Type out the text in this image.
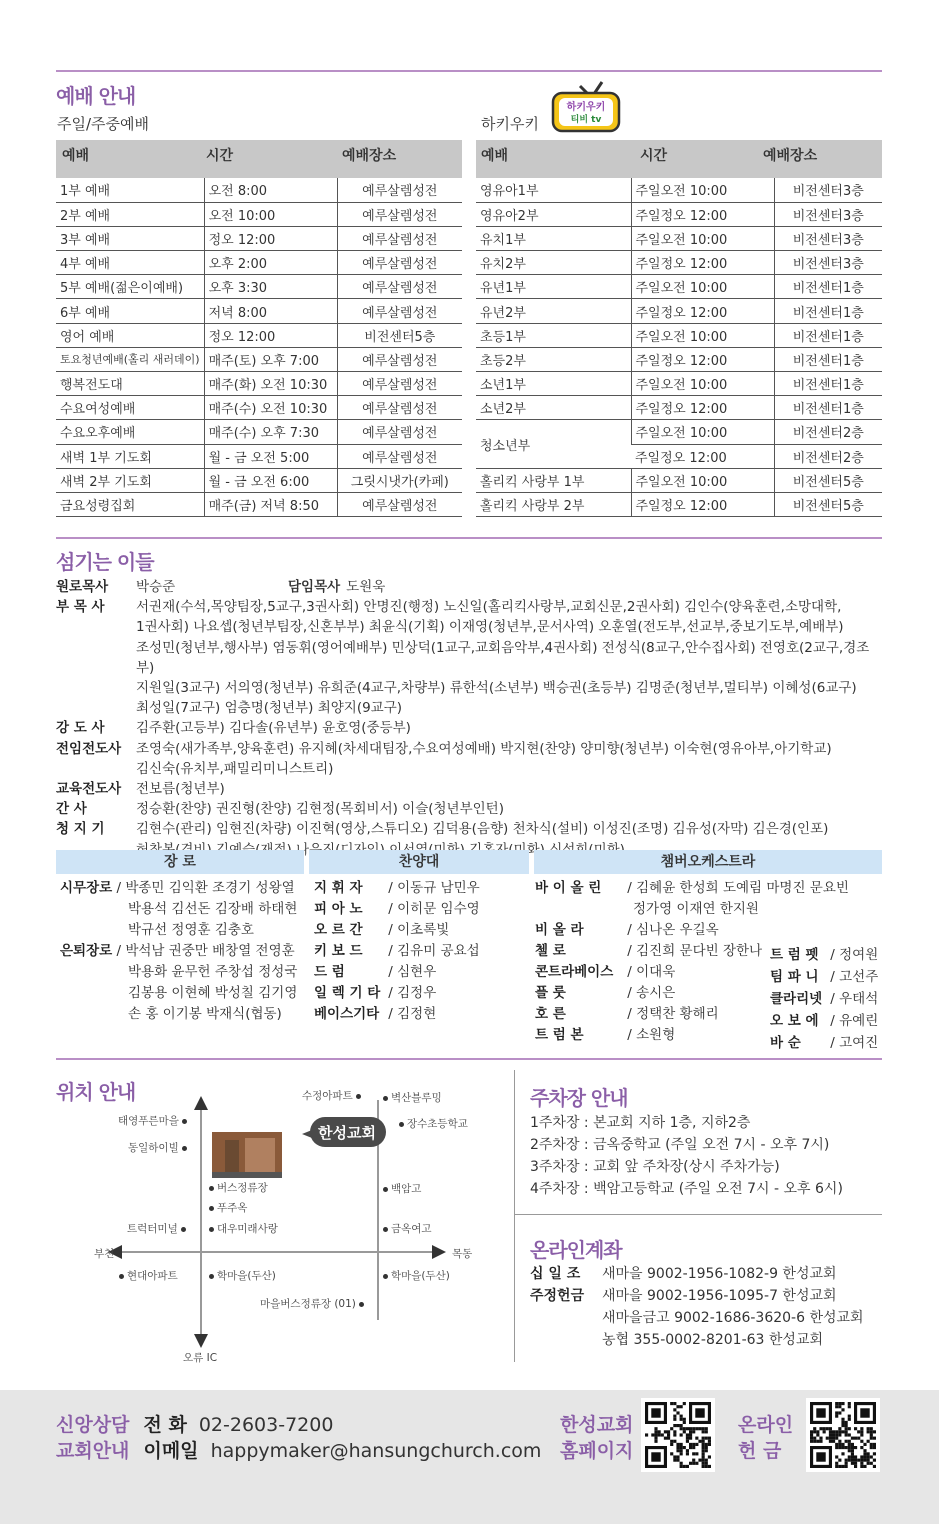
예배 안내
주일/주중예배	하키우키
하키우키
티비 tv
예배	시간	예배장소	예배	시간	예배장소
1부 예배	오전 8:00	예루살렘성전
2부 예배	오전 10:00	예루살렘성전
3부 예배	정오 12:00	예루살렘성전
4부 예배	오후 2:00	예루살렘성전
5부 예배(젊은이예배)	오후 3:30	예루살렘성전
6부 예배	저녁 8:00	예루살렘성전
영어 예배	정오 12:00	비전센터5층
토요청년예배(홀리 새러데이)	매주(토) 오후 7:00	예루살렘성전
행복전도대	매주(화) 오전 10:30	예루살렘성전
수요여성예배	매주(수) 오전 10:30	예루살렘성전
수요오후예배	매주(수) 오후 7:30	예루살렘성전
새벽 1부 기도회	월 - 금 오전 5:00	예루살렘성전
새벽 2부 기도회	월 - 금 오전 6:00	그릿시냇가(카페)
금요성령집회	매주(금) 저녁 8:50	예루살렘성전
영유아1부	주일오전 10:00	비전센터3층
영유아2부	주일정오 12:00	비전센터3층
유치1부	주일오전 10:00	비전센터3층
유치2부	주일정오 12:00	비전센터3층
유년1부	주일오전 10:00	비전센터1층
유년2부	주일정오 12:00	비전센터1층
초등1부	주일오전 10:00	비전센터1층
초등2부	주일정오 12:00	비전센터1층
소년1부	주일오전 10:00	비전센터1층
소년2부	주일정오 12:00	비전센터1층
청소년부	주일오전 10:00	비전센터2층
	주일정오 12:00	비전센터2층
홀리킥 사랑부 1부	주일오전 10:00	비전센터5층
홀리킥 사랑부 2부	주일정오 12:00	비전센터5층
섬기는 이들
원로목사	박승준	담임목사 도원욱
부 목 사	서권재(수석,목양팀장,5교구,3권사회) 안명진(행정) 노신일(홀리킥사랑부,교회신문,2권사회) 김인수(양육훈련,소망대학,
1권사회) 나요셉(청년부팀장,신혼부부) 최윤식(기획) 이재영(청년부,문서사역) 오훈열(전도부,선교부,중보기도부,예배부)
조성민(청년부,행사부) 염동휘(영어예배부) 민상덕(1교구,교회음악부,4권사회) 전성식(8교구,안수집사회) 전영호(2교구,경조부)
지원일(3교구) 서의영(청년부) 유희준(4교구,차량부) 류한석(소년부) 백승권(초등부) 김명준(청년부,멀티부) 이혜성(6교구)
최성일(7교구) 엄층명(청년부) 최양지(9교구)
강 도 사	김주환(고등부) 김다솔(유년부) 윤호영(중등부)
전임전도사	조영숙(새가족부,양육훈련) 유지혜(차세대팀장,수요여성예배) 박지현(찬양) 양미향(청년부) 이숙현(영유아부,아기학교)
김신숙(유치부,패밀리미니스트리)
교육전도사	전보름(청년부)
간 사	정승환(찬양) 권진형(찬양) 김현정(목회비서) 이슬(청년부인턴)
청 지 기	김현수(관리) 임현진(차량) 이진혁(영상,스튜디오) 김덕용(음향) 천차식(설비) 이성진(조명) 김유성(자막) 김은경(인포)
장 로	찬양대	챔버오케스트라
시무장로 / 박종민 김익환 조경기 성왕열
박용석 김선돈 김장배 하태현
박규선 정영훈 김충호
은퇴장로 / 박석남 권중만 배창열 전영훈
박용화 윤무헌 주창섭 정성국
김봉용 이현혜 박성칠 김기영
손 홍 이기봉 박재식(협동)
지 휘 자 / 이동규 남민우
피 아 노 / 이히문 임수영
오 르 간 / 이초록빛
키 보 드 / 김유미 공요섭
드 럼	/ 심현우
일 렉 기 타 / 김정우
베이스기타 / 김정현
바 이 올 린 / 김혜윤 한성희 도예림 마명진 문요빈
정가영 이재연 한지원
비 올 라	/ 심나온 우길옥
첼 로	/ 김진희 문다빈 장한나
콘트라베이스 / 이대욱
플 룻	/ 송시은
호 른	/ 정택찬 황해리
트 럼 본	/ 소원형
트 럼 펫 / 정여원
팀 파 니 / 고선주
클라리넷 / 우태석
오 보 에 / 유예린
바 순 / 고여진
위치 안내
한성교회
수정아파트	벽산블루밍
태영푸른마을	장수초등학교
동일하이빌
버스정류장
푸주옥
백암고
트럭터미널	대우미래사랑	금옥여고
부천	목동
현대아파트	학마을(두산)	학마을(두산)
마을버스정류장 (01)
오류 IC
주차장 안내
1주차장 : 본교회 지하 1층, 지하2층
2주차장 : 금옥중학교 (주일 오전 7시 - 오후 7시)
3주차장 : 교회 앞 주차장(상시 주차가능)
4주차장 : 백암고등학교 (주일 오전 7시 - 오후 6시)
온라인계좌
십 일 조 새마을 9002-1956-1082-9 한성교회
주정헌금 새마을 9002-1956-1095-7 한성교회
새마을금고 9002-1686-3620-6 한성교회
농협 355-0002-8201-63 한성교회
신앙상담 전 화 02-2603-7200
교회안내 이메일 happymaker@hansungchurch.com
한성교회
홈페이지
온라인
헌 금
